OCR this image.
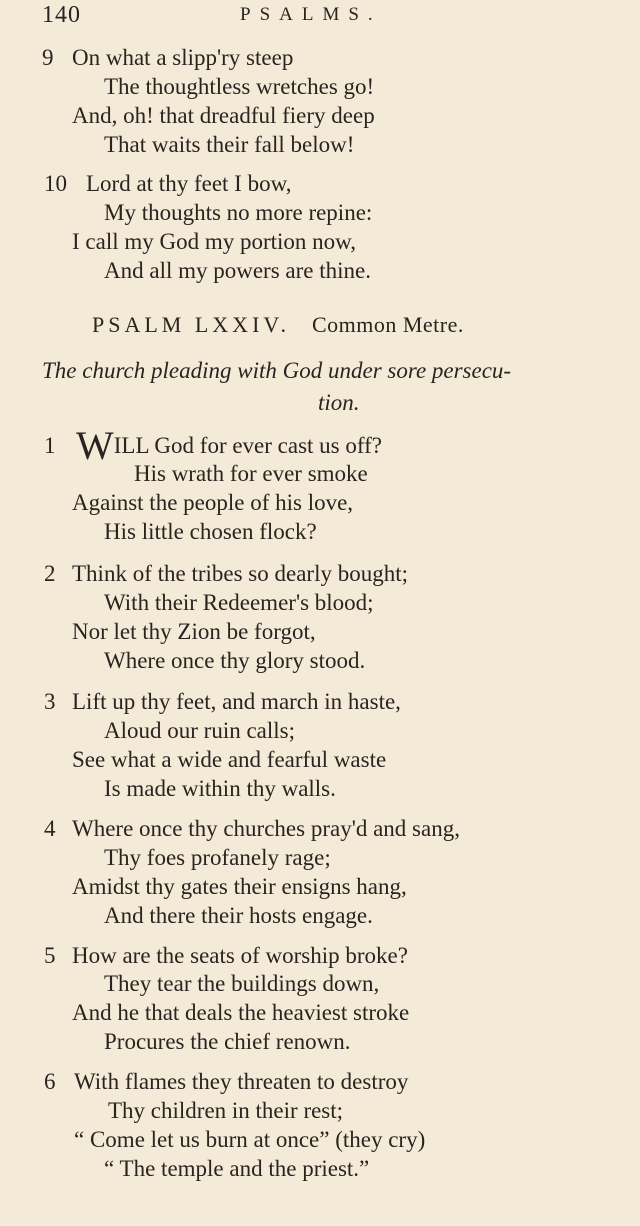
140	PSALMS.
9 On what a slipp'ry steep
The thoughtless wretches go!
And, oh! that dreadful fiery deep
That waits their fall below!
10 Lord at thy feet I bow,
My thoughts no more repine:
I call my God my portion now,
And all my powers are thine.
PSALM LXXIV. Common Metre.
The church pleading with God under sore persecu-
tion.
1 WILL God for ever cast us off?
His wrath for ever smoke
Against the people of his love,
His little chosen flock?
2 Think of the tribes so dearly bought;
With their Redeemer's blood;
Nor let thy Zion be forgot,
Where once thy glory stood.
3 Lift up thy feet, and march in haste,
Aloud our ruin calls;
See what a wide and fearful waste
Is made within thy walls.
4 Where once thy churches pray'd and sang,
Thy foes profanely rage;
Amidst thy gates their ensigns hang,
And there their hosts engage.
5 How are the seats of worship broke?
They tear the buildings down,
And he that deals the heaviest stroke
Procures the chief renown.
6 With flames they threaten to destroy
Thy children in their rest;
“ Come let us burn at once” (they cry)
“ The temple and the priest.”
